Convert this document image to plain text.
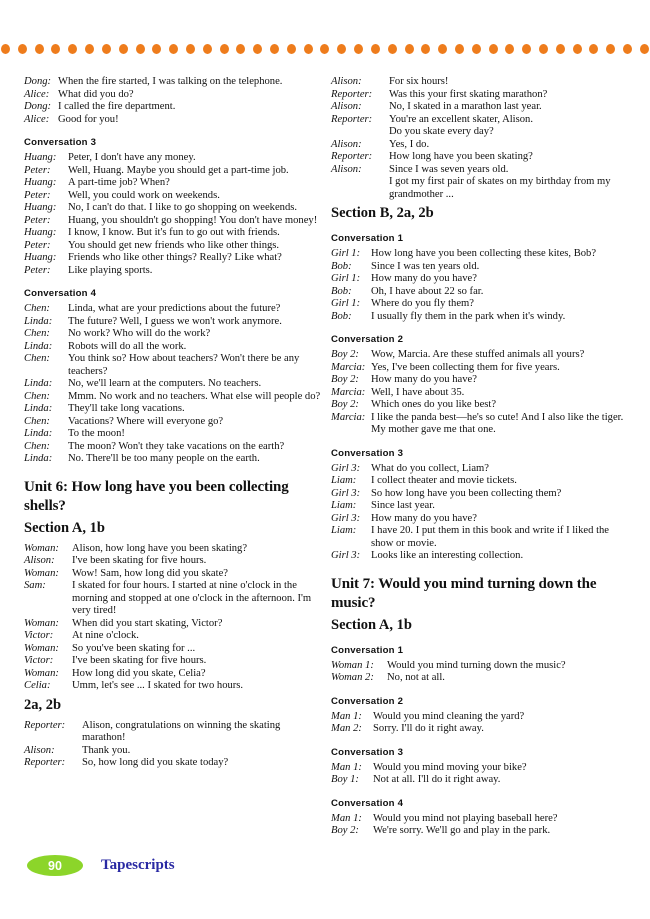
Dong: When the fire started, I was talking on the telephone.
Alice: What did you do?
Dong: I called the fire department.
Alice: Good for you!
Conversation 3
Huang:	Peter, I don't have any money.
Peter:	Well, Huang. Maybe you should get a part-time job.
Huang:	A part-time job? When?
Peter:	Well, you could work on weekends.
Huang:	No, I can't do that. I like to go shopping on weekends.
Peter:	Huang, you shouldn't go shopping! You don't have money!
Huang:	I know, I know. But it's fun to go out with friends.
Peter:	You should get new friends who like other things.
Huang:	Friends who like other things? Really? Like what?
Peter:	Like playing sports.
Conversation 4
Chen:	Linda, what are your predictions about the future?
Linda:	The future? Well, I guess we won't work anymore.
Chen:	No work? Who will do the work?
Linda:	Robots will do all the work.
Chen:	You think so? How about teachers? Won't there be any teachers?
Linda:	No, we'll learn at the computers. No teachers.
Chen:	Mmm. No work and no teachers. What else will people do?
Linda:	They'll take long vacations.
Chen:	Vacations? Where will everyone go?
Linda:	To the moon!
Chen:	The moon? Won't they take vacations on the earth?
Linda:	No. There'll be too many people on the earth.
Unit 6: How long have you been collecting shells?
Section A, 1b
Woman:	Alison, how long have you been skating?
Alison:	I've been skating for five hours.
Woman:	Wow! Sam, how long did you skate?
Sam:	I skated for four hours. I started at nine o'clock in the morning and stopped at one o'clock in the afternoon. I'm very tired!
Woman:	When did you start skating, Victor?
Victor:	At nine o'clock.
Woman:	So you've been skating for ...
Victor:	I've been skating for five hours.
Woman:	How long did you skate, Celia?
Celia:	Umm, let's see ... I skated for two hours.
2a, 2b
Reporter:	Alison, congratulations on winning the skating marathon!
Alison:	Thank you.
Reporter:	So, how long did you skate today?
Alison:	For six hours!
Reporter:	Was this your first skating marathon?
Alison:	No, I skated in a marathon last year.
Reporter:	You're an excellent skater, Alison.
Do you skate every day?
Alison:	Yes, I do.
Reporter:	How long have you been skating?
Alison:	Since I was seven years old.
I got my first pair of skates on my birthday from my grandmother ...
Section B, 2a, 2b
Conversation 1
Girl 1:	How long have you been collecting these kites, Bob?
Bob:	Since I was ten years old.
Girl 1:	How many do you have?
Bob:	Oh, I have about 22 so far.
Girl 1:	Where do you fly them?
Bob:	I usually fly them in the park when it's windy.
Conversation 2
Boy 2:	Wow, Marcia. Are these stuffed animals all yours?
Marcia: Yes, I've been collecting them for five years.
Boy 2:	How many do you have?
Marcia: Well, I have about 35.
Boy 2:	Which ones do you like best?
Marcia: I like the panda best—he's so cute! And I also like the tiger. My mother gave me that one.
Conversation 3
Girl 3:	What do you collect, Liam?
Liam:	I collect theater and movie tickets.
Girl 3:	So how long have you been collecting them?
Liam:	Since last year.
Girl 3:	How many do you have?
Liam:	I have 20. I put them in this book and write if I liked the show or movie.
Girl 3:	Looks like an interesting collection.
Unit 7: Would you mind turning down the music?
Section A, 1b
Conversation 1
Woman 1:	Would you mind turning down the music?
Woman 2:	No, not at all.
Conversation 2
Man 1:	Would you mind cleaning the yard?
Man 2:	Sorry. I'll do it right away.
Conversation 3
Man 1:	Would you mind moving your bike?
Boy 1:	Not at all. I'll do it right away.
Conversation 4
Man 1:	Would you mind not playing baseball here?
Boy 2:	We're sorry. We'll go and play in the park.
90	Tapescripts
